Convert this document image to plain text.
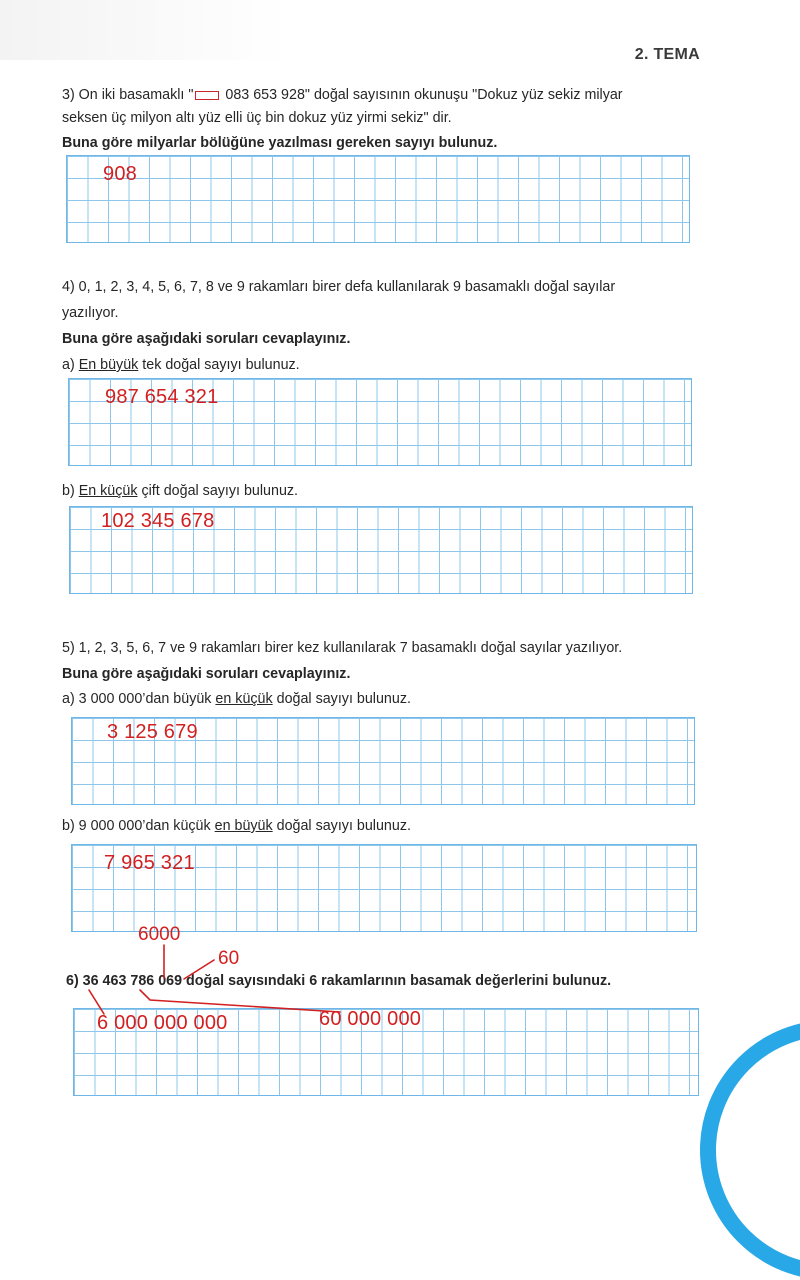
2. TEMA
3) On iki basamaklı " 083 653 928" doğal sayısının okunuşu "Dokuz yüz sekiz milyar
seksen üç milyon altı yüz elli üç bin dokuz yüz yirmi sekiz" dir.
Buna göre milyarlar bölüğüne yazılması gereken sayıyı bulunuz.
908
4) 0, 1, 2, 3, 4, 5, 6, 7, 8 ve 9 rakamları birer defa kullanılarak 9 basamaklı doğal sayılar
yazılıyor.
Buna göre aşağıdaki soruları cevaplayınız.
a) En büyük tek doğal sayıyı bulunuz.
987 654 321
b) En küçük çift doğal sayıyı bulunuz.
102 345 678
5) 1, 2, 3, 5, 6, 7 ve 9 rakamları birer kez kullanılarak 7 basamaklı doğal sayılar yazılıyor.
Buna göre aşağıdaki soruları cevaplayınız.
a) 3 000 000’dan büyük en küçük doğal sayıyı bulunuz.
3 125 679
b) 9 000 000’dan küçük en büyük doğal sayıyı bulunuz.
7 965 321
6000
60
6) 36 463 786 069 doğal sayısındaki 6 rakamlarının basamak değerlerini bulunuz.
6 000 000 000	60 000 000
